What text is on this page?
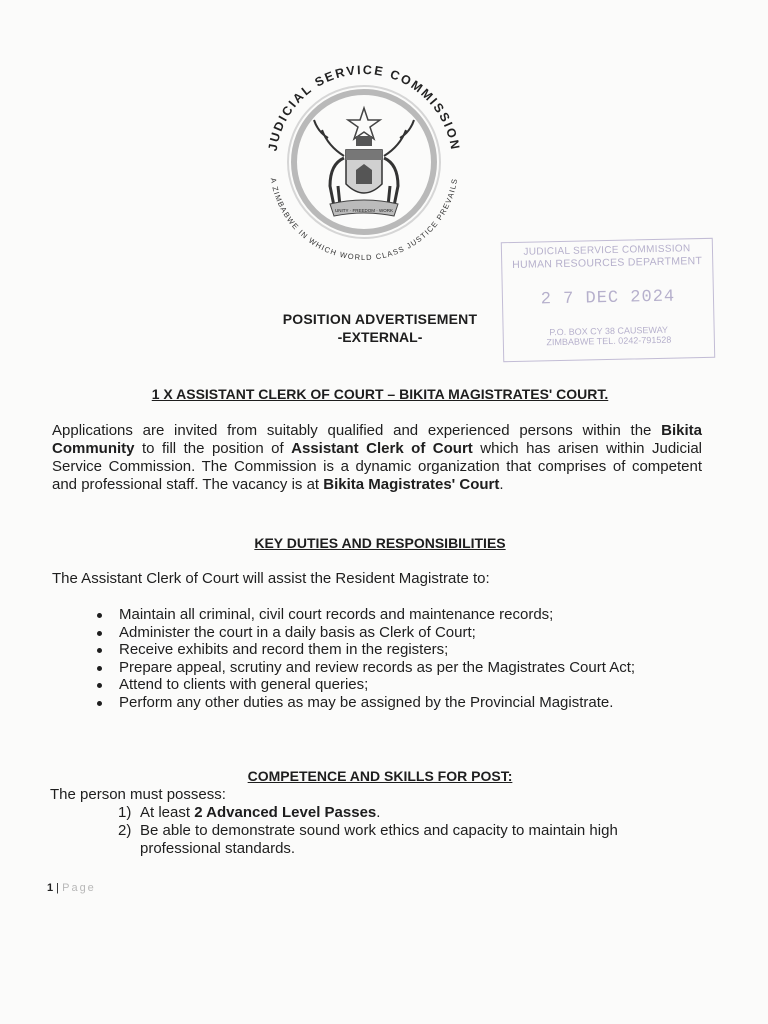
JUDICIAL SERVICE COMMISSION
A ZIMBABWE IN WHICH WORLD CLASS JUSTICE PREVAILS
UNITY · FREEDOM · WORK
JUDICIAL SERVICE COMMISSION
HUMAN RESOURCES DEPARTMENT
2 7 DEC 2024
P.O. BOX CY 38 CAUSEWAY
ZIMBABWE TEL. 0242-791528
POSITION ADVERTISEMENT
-EXTERNAL-
1 X ASSISTANT CLERK OF COURT – BIKITA MAGISTRATES' COURT.

Applications are invited from suitably qualified and experienced persons within the Bikita Community to fill the position of Assistant Clerk of Court which has arisen within Judicial Service Commission. The Commission is a dynamic organization that comprises of competent and professional staff. The vacancy is at Bikita Magistrates' Court.

KEY DUTIES AND RESPONSIBILITIES
The Assistant Clerk of Court will assist the Resident Magistrate to:
Maintain all criminal, civil court records and maintenance records;
Administer the court in a daily basis as Clerk of Court;
Receive exhibits and record them in the registers;
Prepare appeal, scrutiny and review records as per the Magistrates Court Act;
Attend to clients with general queries;
Perform any other duties as may be assigned by the Provincial Magistrate.
COMPETENCE AND SKILLS FOR POST:
The person must possess:
1) At least 2 Advanced Level Passes.
2) Be able to demonstrate sound work ethics and capacity to maintain high professional standards.
1 | Page
